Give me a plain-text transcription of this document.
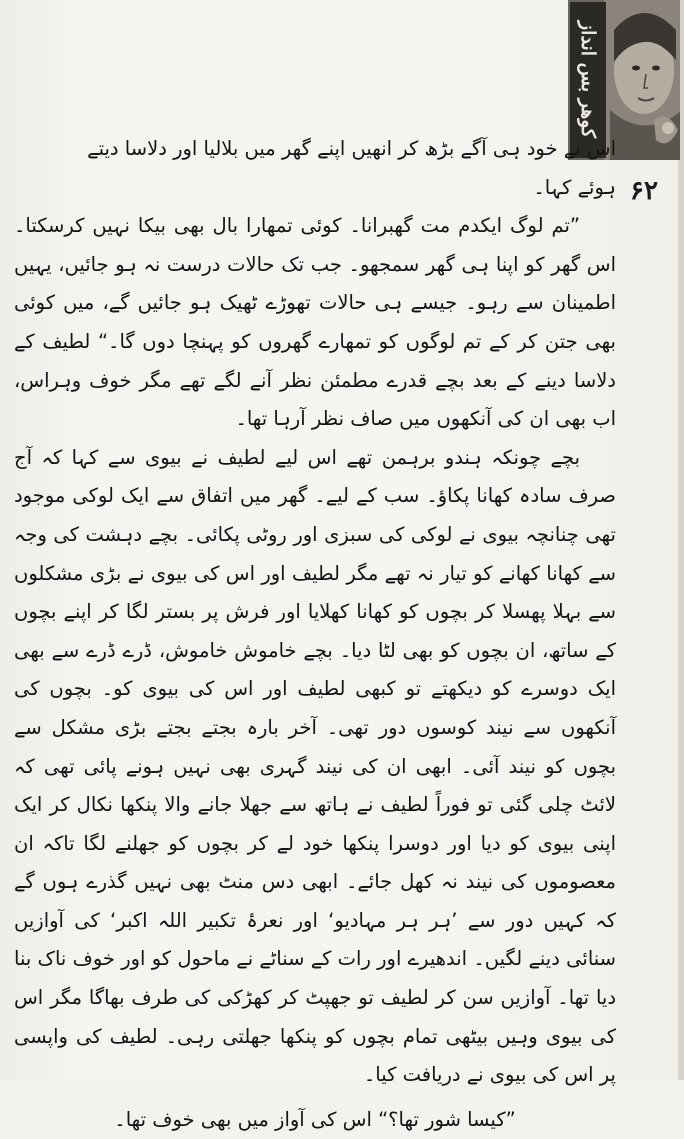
کوھر بس انداز
۶۲

اس نے خود ہی آگے بڑھ کر انھیں اپنے گھر میں بلالیا اور دلاسا دیتے ہوئے کہا۔

”تم لوگ ایکدم مت گھبرانا۔ کوئی تمھارا بال بھی بیکا نہیں کرسکتا۔ اس گھر کو اپنا ہی گھر سمجھو۔ جب تک حالات درست نہ ہو جائیں، یہیں اطمینان سے رہو۔ جیسے ہی حالات تھوڑے ٹھیک ہو جائیں گے، میں کوئی بھی جتن کر کے تم لوگوں کو تمھارے گھروں کو پہنچا دوں گا۔“ لطیف کے دلاسا دینے کے بعد بچے قدرے مطمئن نظر آنے لگے تھے مگر خوف وہراس، اب بھی ان کی آنکھوں میں صاف نظر آرہا تھا۔

بچے چونکہ ہندو برہمن تھے اس لیے لطیف نے بیوی سے کہا کہ آج صرف سادہ کھانا پکاؤ۔ سب کے لیے۔ گھر میں اتفاق سے ایک لوکی موجود تھی چنانچہ بیوی نے لوکی کی سبزی اور روٹی پکائی۔ بچے دہشت کی وجہ سے کھانا کھانے کو تیار نہ تھے مگر لطیف اور اس کی بیوی نے بڑی مشکلوں سے بہلا پھسلا کر بچوں کو کھانا کھلایا اور فرش پر بستر لگا کر اپنے بچوں کے ساتھ، ان بچوں کو بھی لٹا دیا۔ بچے خاموش خاموش، ڈرے ڈرے سے بھی ایک دوسرے کو دیکھتے تو کبھی لطیف اور اس کی بیوی کو۔ بچوں کی آنکھوں سے نیند کوسوں دور تھی۔ آخر بارہ بجتے بجتے بڑی مشکل سے بچوں کو نیند آئی۔ ابھی ان کی نیند گہری بھی نہیں ہونے پائی تھی کہ لائٹ چلی گئی تو فوراً لطیف نے ہاتھ سے جھلا جانے والا پنکھا نکال کر ایک اپنی بیوی کو دیا اور دوسرا پنکھا خود لے کر بچوں کو جھلنے لگا تاکہ ان معصوموں کی نیند نہ کھل جائے۔ ابھی دس منٹ بھی نہیں گذرے ہوں گے کہ کہیں دور سے ’ہر ہر مہادیو‘ اور نعرۂ تکبیر اللہ اکبر‘ کی آوازیں سنائی دینے لگیں۔ اندھیرے اور رات کے سناٹے نے ماحول کو اور خوف ناک بنا دیا تھا۔ آوازیں سن کر لطیف تو جھپٹ کر کھڑکی کی طرف بھاگا مگر اس کی بیوی وہیں بیٹھی تمام بچوں کو پنکھا جھلتی رہی۔ لطیف کی واپسی پر اس کی بیوی نے دریافت کیا۔

”کیسا شور تھا؟“ اس کی آواز میں بھی خوف تھا۔
